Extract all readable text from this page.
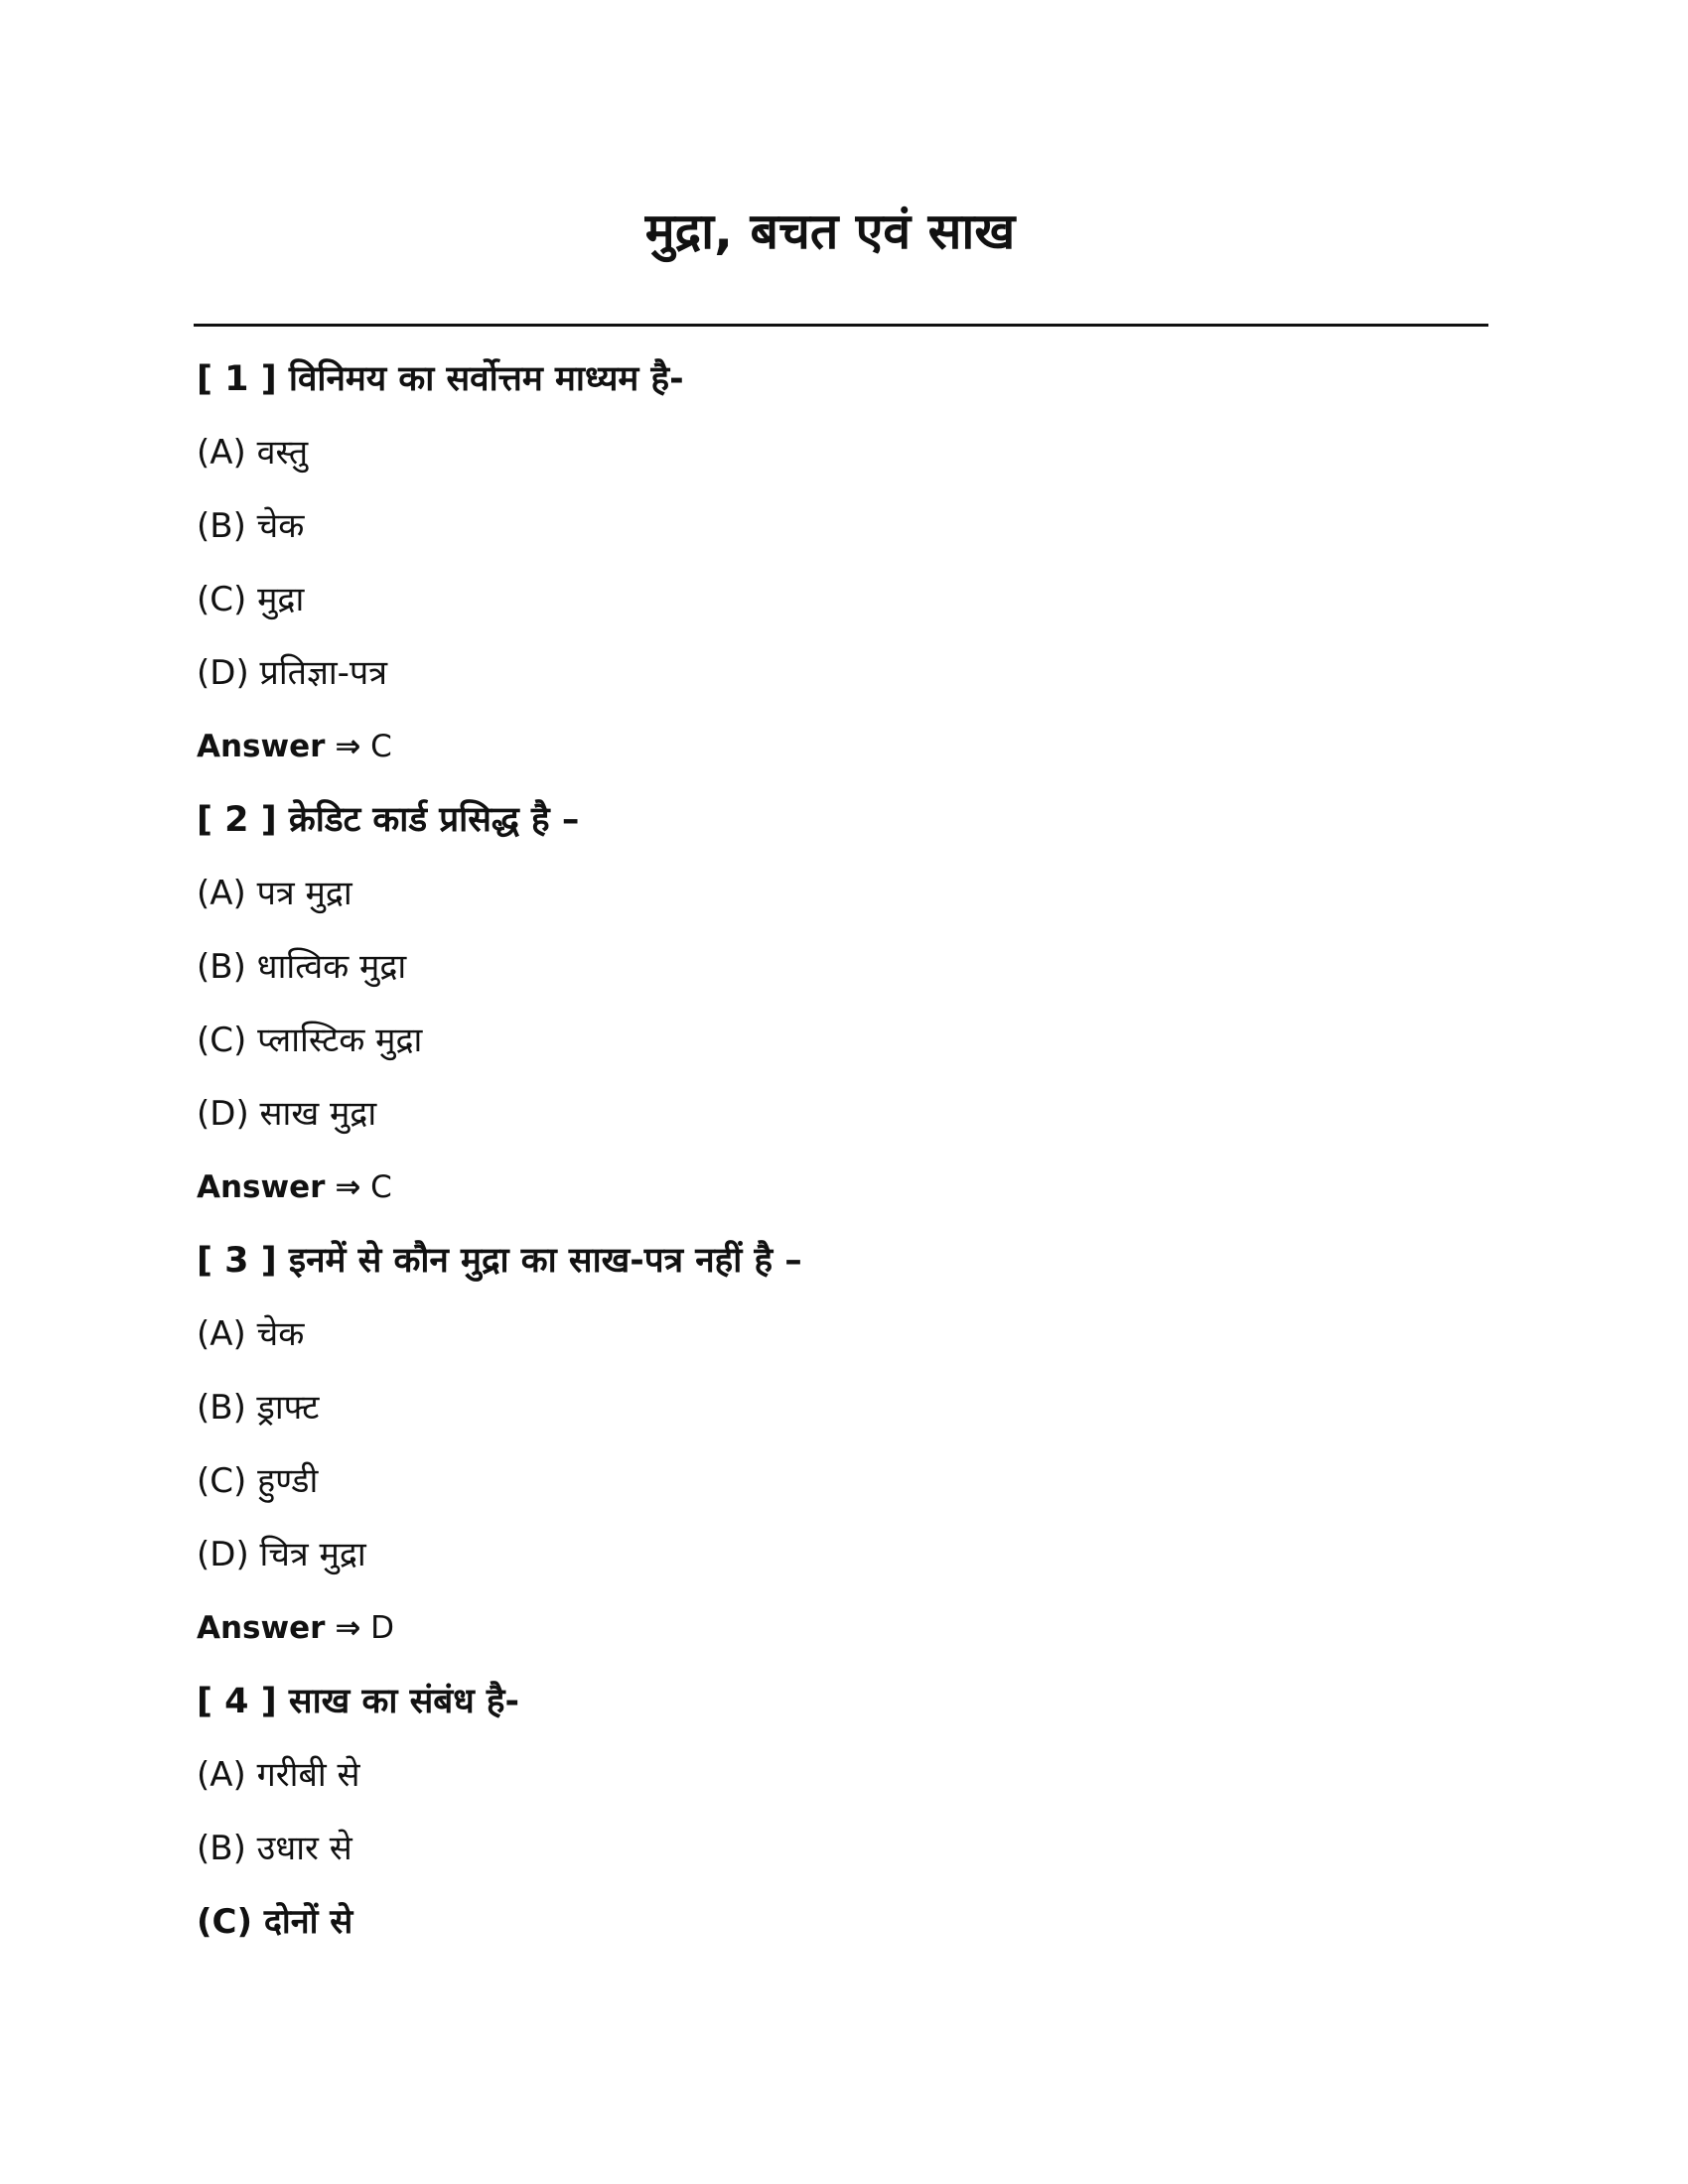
मुद्रा, बचत एवं साख
[ 1 ] विनिमय का सर्वोत्तम माध्यम है-
(A) वस्तु
(B) चेक
(C) मुद्रा
(D) प्रतिज्ञा-पत्र
Answer ⇒ C
[ 2 ] क्रेडिट कार्ड प्रसिद्ध है –
(A) पत्र मुद्रा
(B) धात्विक मुद्रा
(C) प्लास्टिक मुद्रा
(D) साख मुद्रा
Answer ⇒ C
[ 3 ] इनमें से कौन मुद्रा का साख-पत्र नहीं है –
(A) चेक
(B) ड्राफ्ट
(C) हुण्डी
(D) चित्र मुद्रा
Answer ⇒ D
[ 4 ] साख का संबंध है-
(A) गरीबी से
(B) उधार से
(C) दोनों से
